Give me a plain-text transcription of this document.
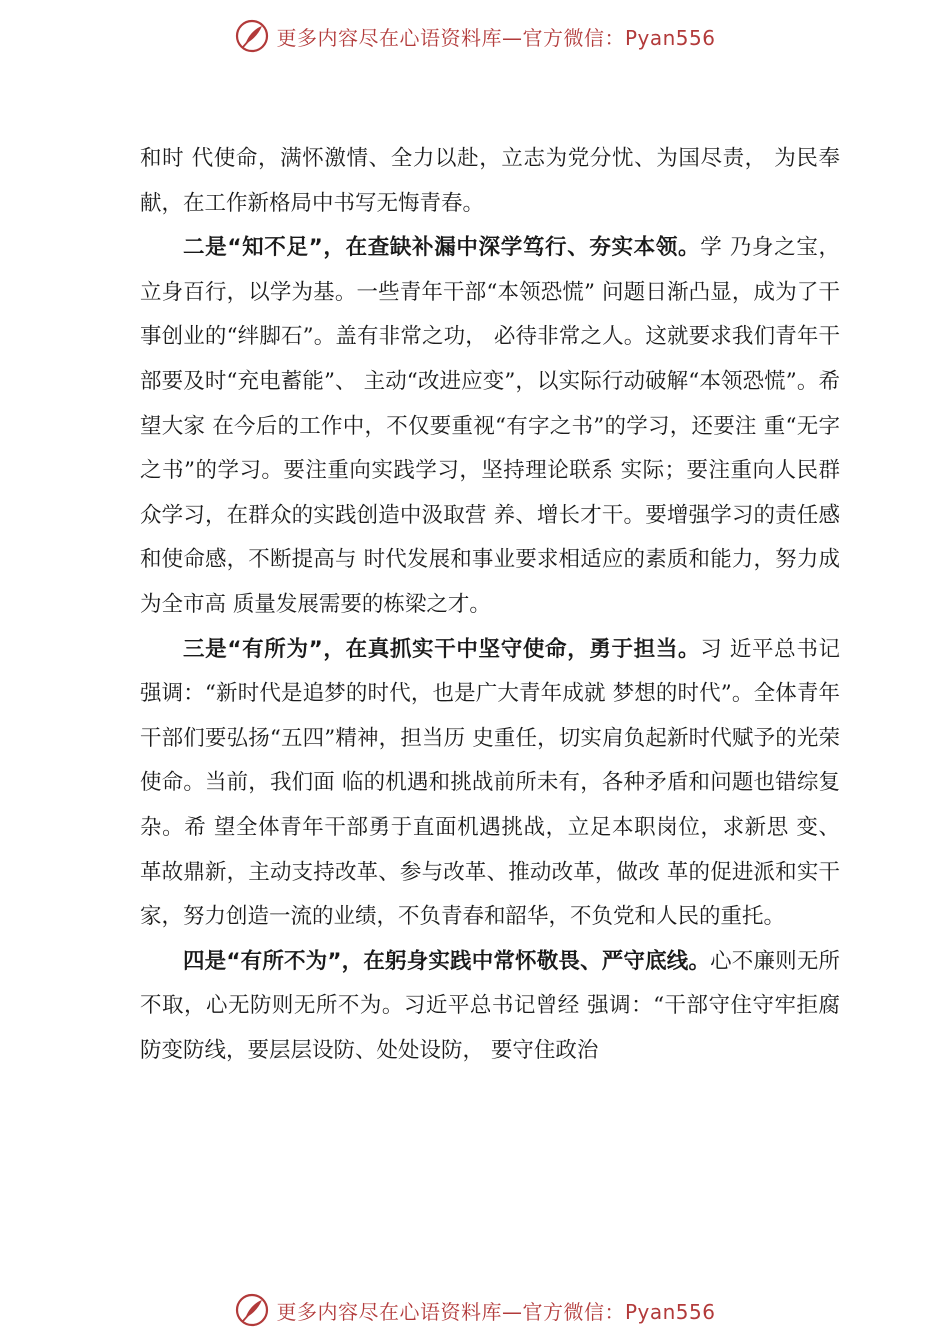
更多内容尽在心语资料库—官方微信：Pyan556

和时 代使命，满怀激情、全力以赴，立志为党分忧、为国尽责， 为民奉献，在工作新格局中书写无悔青春。

二是“知不足”，在查缺补漏中深学笃行、夯实本领。学 乃身之宝，立身百行，以学为基。一些青年干部“本领恐慌” 问题日渐凸显，成为了干事创业的“绊脚石”。盖有非常之功， 必待非常之人。这就要求我们青年干部要及时“充电蓄能”、 主动“改进应变”，以实际行动破解“本领恐慌”。希望大家 在今后的工作中，不仅要重视“有字之书”的学习，还要注 重“无字之书”的学习。要注重向实践学习，坚持理论联系 实际；要注重向人民群众学习，在群众的实践创造中汲取营 养、增长才干。要增强学习的责任感和使命感，不断提高与 时代发展和事业要求相适应的素质和能力，努力成为全市高 质量发展需要的栋梁之才。

三是“有所为”，在真抓实干中坚守使命，勇于担当。习 近平总书记强调：“新时代是追梦的时代，也是广大青年成就 梦想的时代”。全体青年干部们要弘扬“五四”精神，担当历 史重任，切实肩负起新时代赋予的光荣使命。当前，我们面 临的机遇和挑战前所未有，各种矛盾和问题也错综复杂。希 望全体青年干部勇于直面机遇挑战，立足本职岗位，求新思 变、革故鼎新，主动支持改革、参与改革、推动改革，做改 革的促进派和实干家，努力创造一流的业绩，不负青春和韶华，不负党和人民的重托。

四是“有所不为”，在躬身实践中常怀敬畏、严守底线。心不廉则无所不取，心无防则无所不为。习近平总书记曾经 强调：“干部守住守牢拒腐防变防线，要层层设防、处处设防， 要守住政治

更多内容尽在心语资料库—官方微信：Pyan556
